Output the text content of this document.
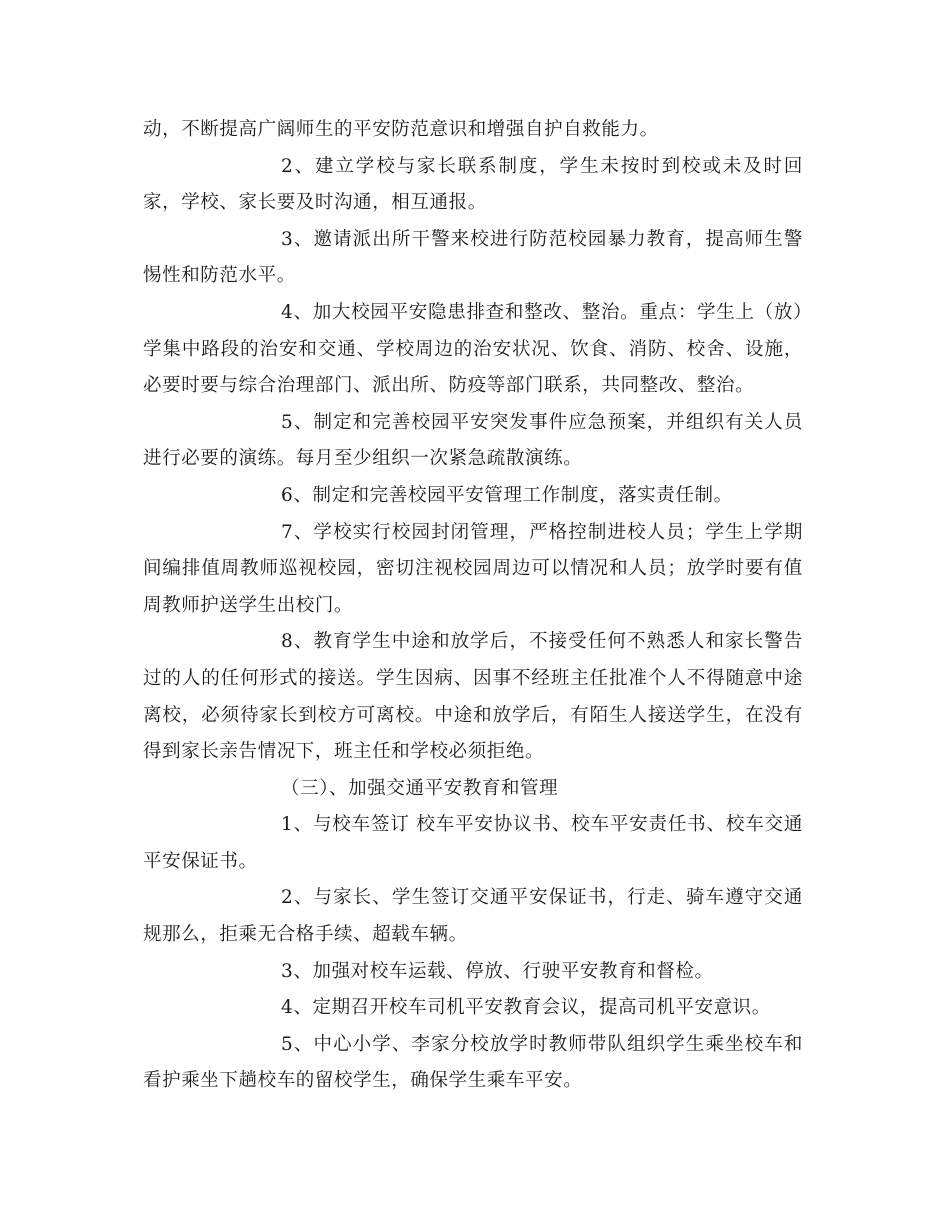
动，不断提高广阔师生的平安防范意识和增强自护自救能力。

2、建立学校与家长联系制度，学生未按时到校或未及时回家，学校、家长要及时沟通，相互通报。

3、邀请派出所干警来校进行防范校园暴力教育，提高师生警惕性和防范水平。

4、加大校园平安隐患排查和整改、整治。重点：学生上（放）学集中路段的治安和交通、学校周边的治安状况、饮食、消防、校舍、设施，必要时要与综合治理部门、派出所、防疫等部门联系，共同整改、整治。

5、制定和完善校园平安突发事件应急预案，并组织有关人员进行必要的演练。每月至少组织一次紧急疏散演练。

6、制定和完善校园平安管理工作制度，落实责任制。

7、学校实行校园封闭管理，严格控制进校人员；学生上学期间编排值周教师巡视校园，密切注视校园周边可以情况和人员；放学时要有值周教师护送学生出校门。

8、教育学生中途和放学后，不接受任何不熟悉人和家长警告过的人的任何形式的接送。学生因病、因事不经班主任批准个人不得随意中途离校，必须待家长到校方可离校。中途和放学后，有陌生人接送学生，在没有得到家长亲告情况下，班主任和学校必须拒绝。

（三）、加强交通平安教育和管理

1、与校车签订 校车平安协议书、校车平安责任书、校车交通平安保证书。

2、与家长、学生签订交通平安保证书，行走、骑车遵守交通规那么，拒乘无合格手续、超载车辆。

3、加强对校车运载、停放、行驶平安教育和督检。

4、定期召开校车司机平安教育会议，提高司机平安意识。

5、中心小学、李家分校放学时教师带队组织学生乘坐校车和看护乘坐下趟校车的留校学生，确保学生乘车平安。
